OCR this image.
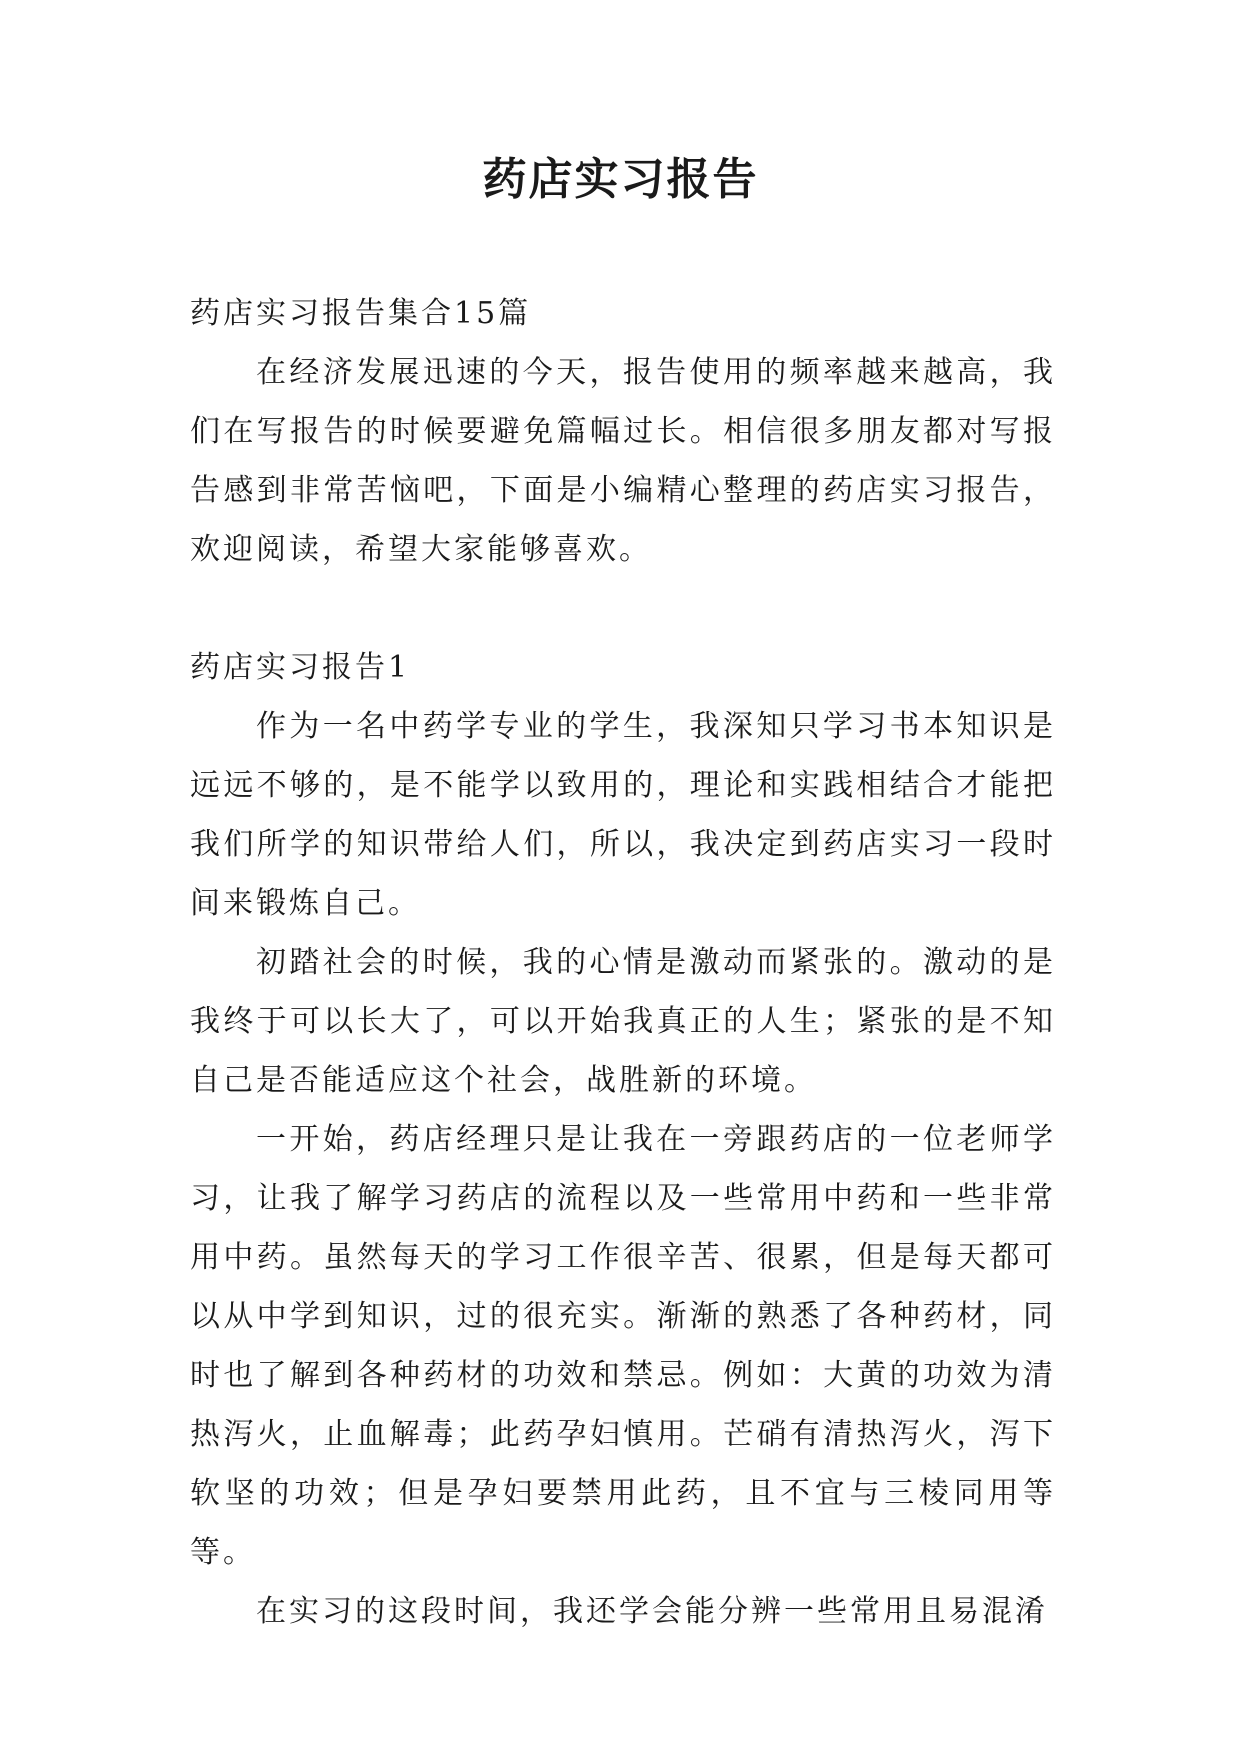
药店实习报告

药店实习报告集合15篇

在经济发展迅速的今天，报告使用的频率越来越高，我们在写报告的时候要避免篇幅过长。相信很多朋友都对写报告感到非常苦恼吧，下面是小编精心整理的药店实习报告，欢迎阅读，希望大家能够喜欢。

药店实习报告1

作为一名中药学专业的学生，我深知只学习书本知识是远远不够的，是不能学以致用的，理论和实践相结合才能把我们所学的知识带给人们，所以，我决定到药店实习一段时间来锻炼自己。

初踏社会的时候，我的心情是激动而紧张的。激动的是我终于可以长大了，可以开始我真正的人生；紧张的是不知自己是否能适应这个社会，战胜新的环境。

一开始，药店经理只是让我在一旁跟药店的一位老师学习，让我了解学习药店的流程以及一些常用中药和一些非常用中药。虽然每天的学习工作很辛苦、很累，但是每天都可以从中学到知识，过的很充实。渐渐的熟悉了各种药材，同时也了解到各种药材的功效和禁忌。例如：大黄的功效为清热泻火，止血解毒；此药孕妇慎用。芒硝有清热泻火，泻下软坚的功效；但是孕妇要禁用此药，且不宜与三棱同用等等。

在实习的这段时间，我还学会能分辨一些常用且易混淆
